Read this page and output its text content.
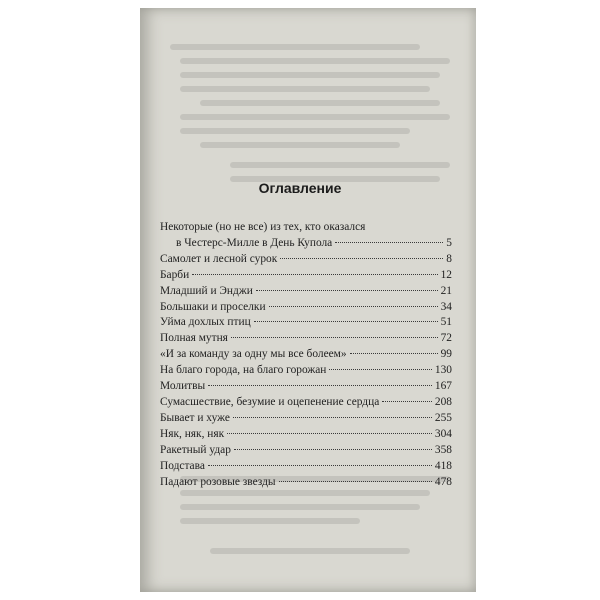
Оглавление
Некоторые (но не все) из тех, кто оказался
в Честерс-Милле в День Купола	5
Самолет и лесной сурок	8
Барби	12
Младший и Энджи	21
Большаки и проселки	34
Уйма дохлых птиц	51
Полная мутня	72
«И за команду за одну мы все болеем»	99
На благо города, на благо горожан	130
Молитвы	167
Сумасшествие, безумие и оцепенение сердца	208
Бывает и хуже	255
Няк, няк, няк	304
Ракетный удар	358
Подстава	418
Падают розовые звезды	478
